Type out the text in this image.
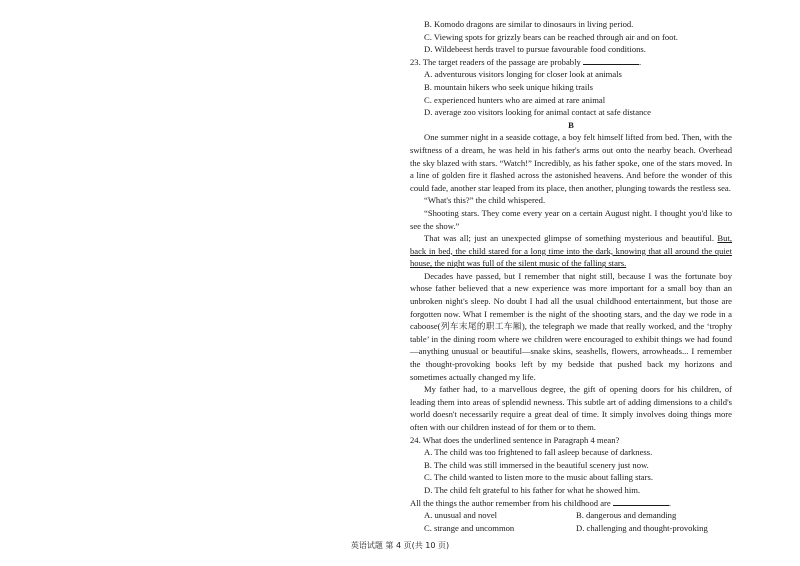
B. Komodo dragons are similar to dinosaurs in living period.
C. Viewing spots for grizzly bears can be reached through air and on foot.
D. Wildebeest herds travel to pursue favourable food conditions.
23. The target readers of the passage are probably	.
A. adventurous visitors longing for closer look at animals
B. mountain hikers who seek unique hiking trails
C. experienced hunters who are aimed at rare animal
D. average zoo visitors looking for animal contact at safe distance
B

One summer night in a seaside cottage, a boy felt himself lifted from bed. Then, with the swiftness of a dream, he was held in his father's arms out onto the nearby beach. Overhead the sky blazed with stars. “Watch!” Incredibly, as his father spoke, one of the stars moved. In a line of golden fire it flashed across the astonished heavens. And before the wonder of this could fade, another star leaped from its place, then another, plunging towards the restless sea.

“What's this?” the child whispered.

“Shooting stars. They come every year on a certain August night. I thought you'd like to see the show.”

That was all; just an unexpected glimpse of something mysterious and beautiful. But, back in bed, the child stared for a long time into the dark, knowing that all around the quiet house, the night was full of the silent music of the falling stars.

Decades have passed, but I remember that night still, because I was the fortunate boy whose father believed that a new experience was more important for a small boy than an unbroken night's sleep. No doubt I had all the usual childhood entertainment, but those are forgotten now. What I remember is the night of the shooting stars, and the day we rode in a caboose(列车末尾的职工车厢), the telegraph we made that really worked, and the ‘trophy table’ in the dining room where we children were encouraged to exhibit things we had found—anything unusual or beautiful—snake skins, seashells, flowers, arrowheads... I remember the thought-provoking books left by my bedside that pushed back my horizons and sometimes actually changed my life.

My father had, to a marvellous degree, the gift of opening doors for his children, of leading them into areas of splendid newness. This subtle art of adding dimensions to a child's world doesn't necessarily require a great deal of time. It simply involves doing things more often with our children instead of for them or to them.

24. What does the underlined sentence in Paragraph 4 mean?
A. The child was too frightened to fall asleep because of darkness.
B. The child was still immersed in the beautiful scenery just now.
C. The child wanted to listen more to the music about falling stars.
D. The child felt grateful to his father for what he showed him.
All the things the author remember from his childhood are	.
A. unusual and novel	B. dangerous and demanding
C. strange and uncommon	D. challenging and thought-provoking
英语试题 第 4 页(共 10 页)
